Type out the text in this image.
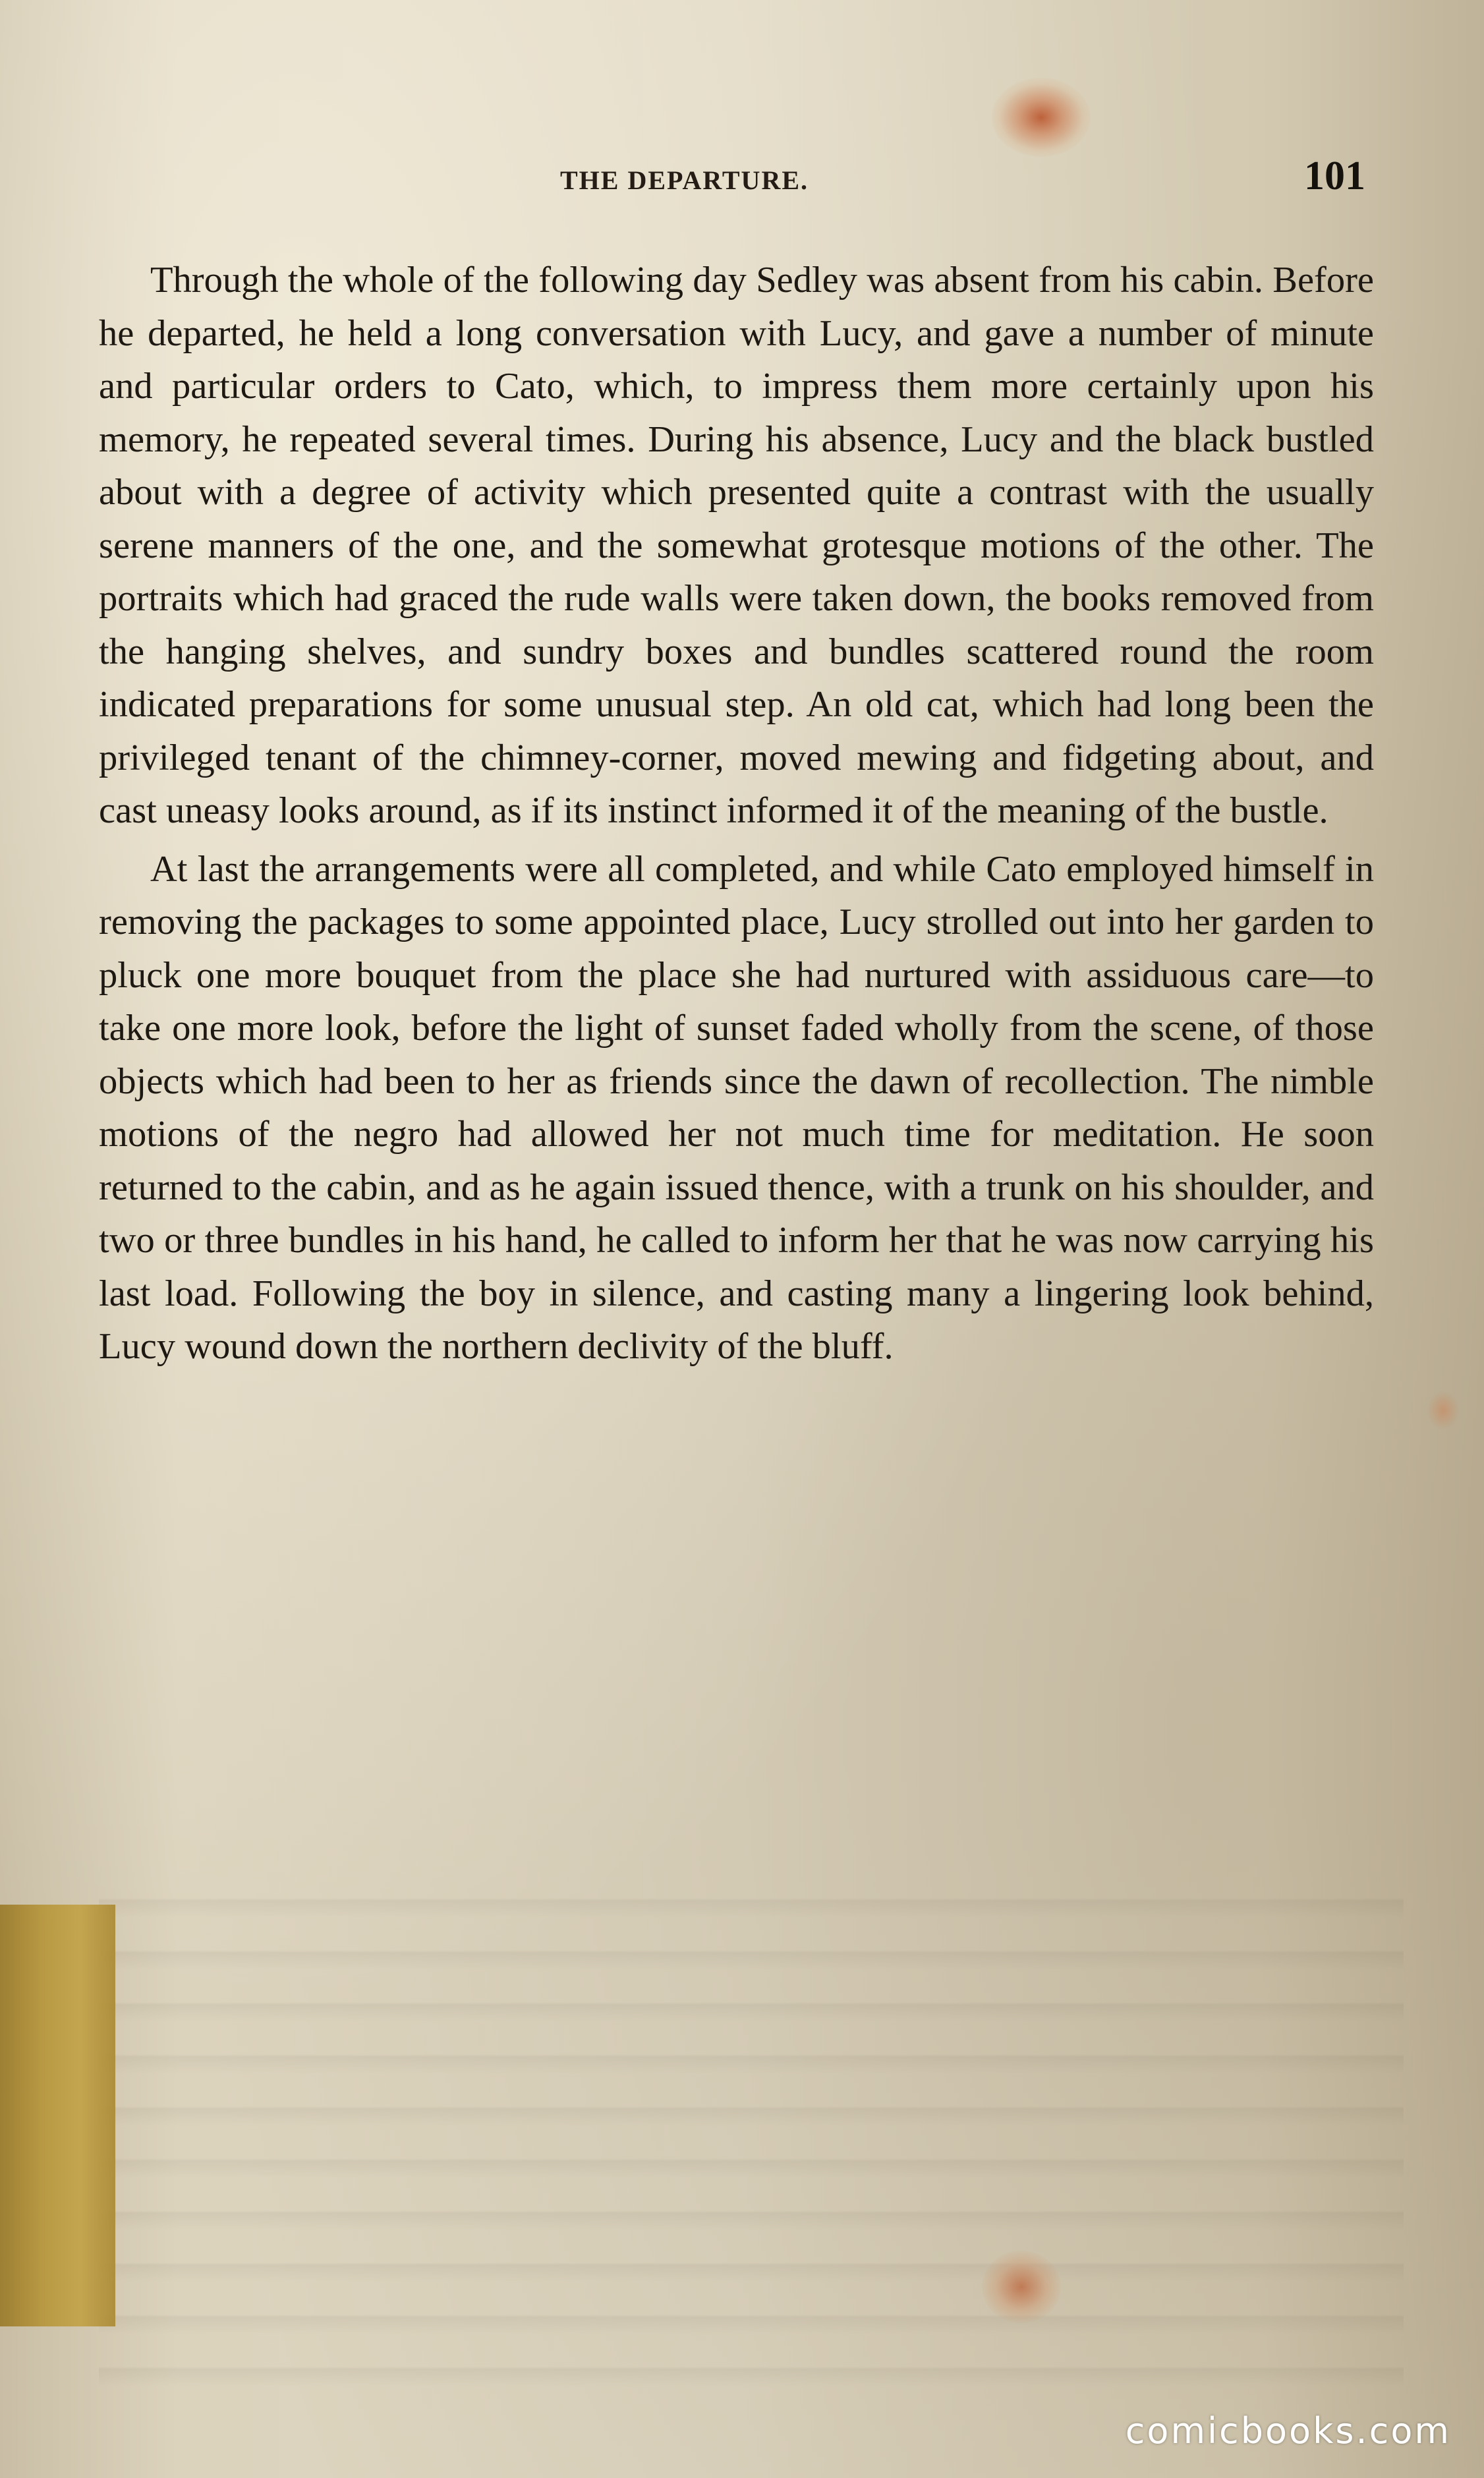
THE DEPARTURE.	101

Through the whole of the following day Sedley was absent from his cabin. Before he departed, he held a long conversation with Lucy, and gave a number of minute and particular orders to Cato, which, to impress them more certainly upon his memory, he repeated several times. During his absence, Lucy and the black bustled about with a degree of activity which presented quite a contrast with the usually serene manners of the one, and the somewhat grotesque motions of the other. The portraits which had graced the rude walls were taken down, the books removed from the hanging shelves, and sundry boxes and bundles scattered round the room indicated preparations for some unusual step. An old cat, which had long been the privileged tenant of the chimney-corner, moved mewing and fidgeting about, and cast uneasy looks around, as if its instinct informed it of the meaning of the bustle.

At last the arrangements were all completed, and while Cato employed himself in removing the packages to some appointed place, Lucy strolled out into her garden to pluck one more bouquet from the place she had nurtured with assiduous care—to take one more look, before the light of sunset faded wholly from the scene, of those objects which had been to her as friends since the dawn of recollection. The nimble motions of the negro had allowed her not much time for meditation. He soon returned to the cabin, and as he again issued thence, with a trunk on his shoulder, and two or three bundles in his hand, he called to inform her that he was now carrying his last load. Following the boy in silence, and casting many a lingering look behind, Lucy wound down the northern declivity of the bluff.

comicbooks.com
